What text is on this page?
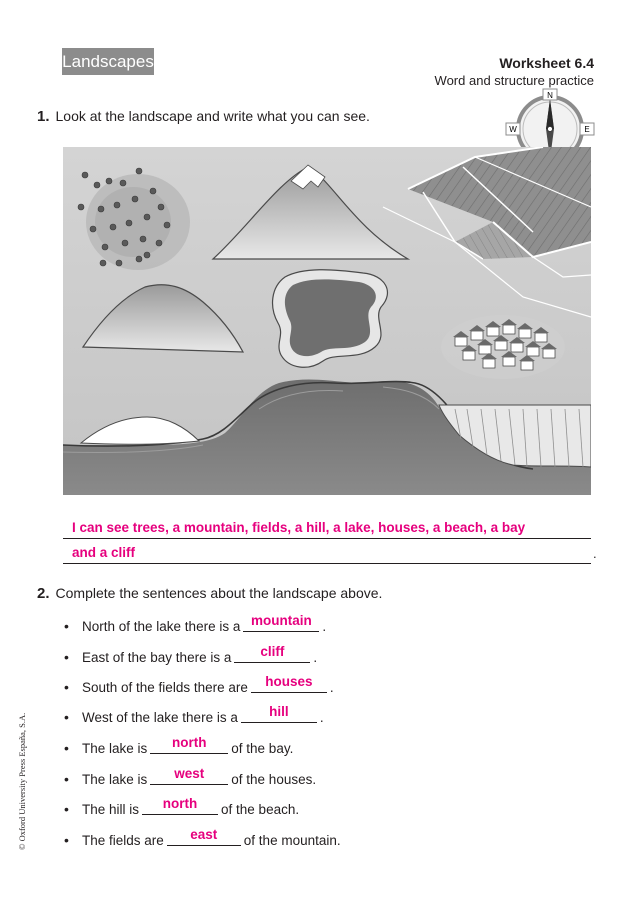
Landscapes	Worksheet 6.4
Word and structure practice
1. Look at the landscape and write what you can see.
N
W	E
I can see trees, a mountain, fields, a hill, a lake, houses, a beach, a bay
and a cliff	.
2. Complete the sentences about the landscape above.
• North of the lake there is a mountain .
• East of the bay there is a	cliff	.
• South of the fields there are	houses	.
• West of the lake there is a	hill	.
• The lake is	north	of the bay.
• The lake is	west	of the houses.
• The hill is	north	of the beach.
• The fields are	east	of the mountain.
© Oxford University Press España, S.A.
